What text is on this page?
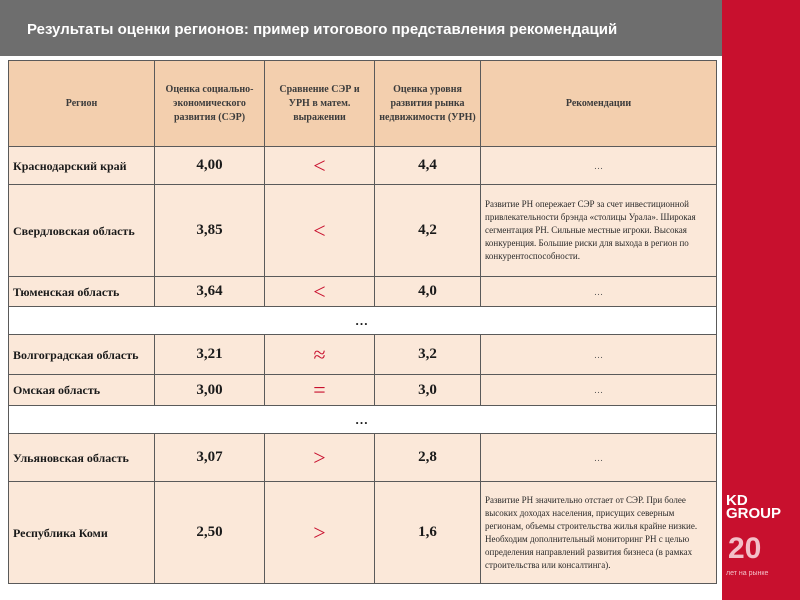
Результаты оценки регионов: пример итогового представления рекомендаций
KD
GROUP
20
лет на рынке
Регион	Оценка социально-экономического развития (СЭР)	Сравнение СЭР и УРН в матем. выражении	Оценка уровня развития рынка недвижимости (УРН)	Рекомендации
Краснодарский край	4,00	<	4,4	…
Свердловская область	3,85	<	4,2	Развитие РН опережает СЭР за счет инвестиционной привлекательности брэнда «столицы Урала». Широкая сегментация РН. Сильные местные игроки. Высокая конкуренция. Большие риски для выхода в регион по конкурентоспособности.
Тюменская область	3,64	<	4,0	…
…				
Волгоградская область	3,21	≈	3,2	…
Омская область	3,00	=	3,0	…
…				
Ульяновская область	3,07	>	2,8	…
Республика Коми	2,50	>	1,6	Развитие РН значительно отстает от СЭР. При более высоких доходах населения, присущих северным регионам, объемы строительства жилья крайне низкие. Необходим дополнительный мониторинг РН с целью определения направлений развития бизнеса (в рамках строительства или консалтинга).
